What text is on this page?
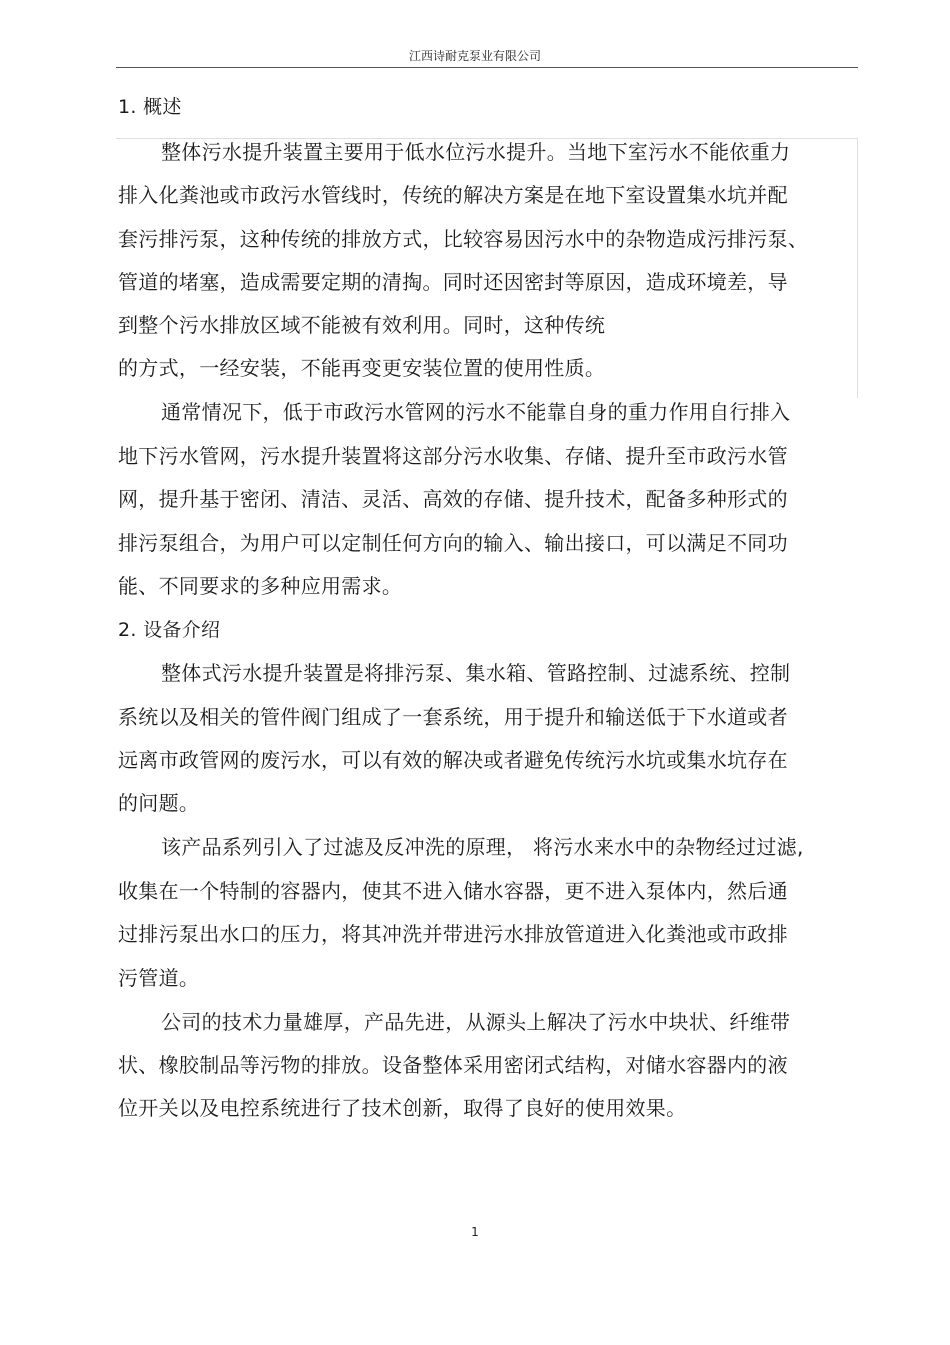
江西诗耐克泵业有限公司
1. 概述
整体污水提升装置主要用于低水位污水提升。当地下室污水不能依重力
排入化粪池或市政污水管线时，传统的解决方案是在地下室设置集水坑并配
套污排污泵，这种传统的排放方式，比较容易因污水中的杂物造成污排污泵、
管道的堵塞，造成需要定期的清掏。同时还因密封等原因，造成环境差，导
到整个污水排放区域不能被有效利用。同时，这种传统
的方式，一经安装，不能再变更安装位置的使用性质。
通常情况下，低于市政污水管网的污水不能靠自身的重力作用自行排入
地下污水管网，污水提升装置将这部分污水收集、存储、提升至市政污水管
网，提升基于密闭、清洁、灵活、高效的存储、提升技术，配备多种形式的
排污泵组合，为用户可以定制任何方向的输入、输出接口，可以满足不同功
能、不同要求的多种应用需求。
2. 设备介绍
整体式污水提升装置是将排污泵、集水箱、管路控制、过滤系统、控制
系统以及相关的管件阀门组成了一套系统，用于提升和输送低于下水道或者
远离市政管网的废污水，可以有效的解决或者避免传统污水坑或集水坑存在
的问题。
该产品系列引入了过滤及反冲洗的原理， 将污水来水中的杂物经过过滤,
收集在一个特制的容器内，使其不进入储水容器，更不进入泵体内，然后通
过排污泵出水口的压力，将其冲洗并带进污水排放管道进入化粪池或市政排
污管道。
公司的技术力量雄厚，产品先进，从源头上解决了污水中块状、纤维带
状、橡胶制品等污物的排放。设备整体采用密闭式结构，对储水容器内的液
位开关以及电控系统进行了技术创新，取得了良好的使用效果。
1
